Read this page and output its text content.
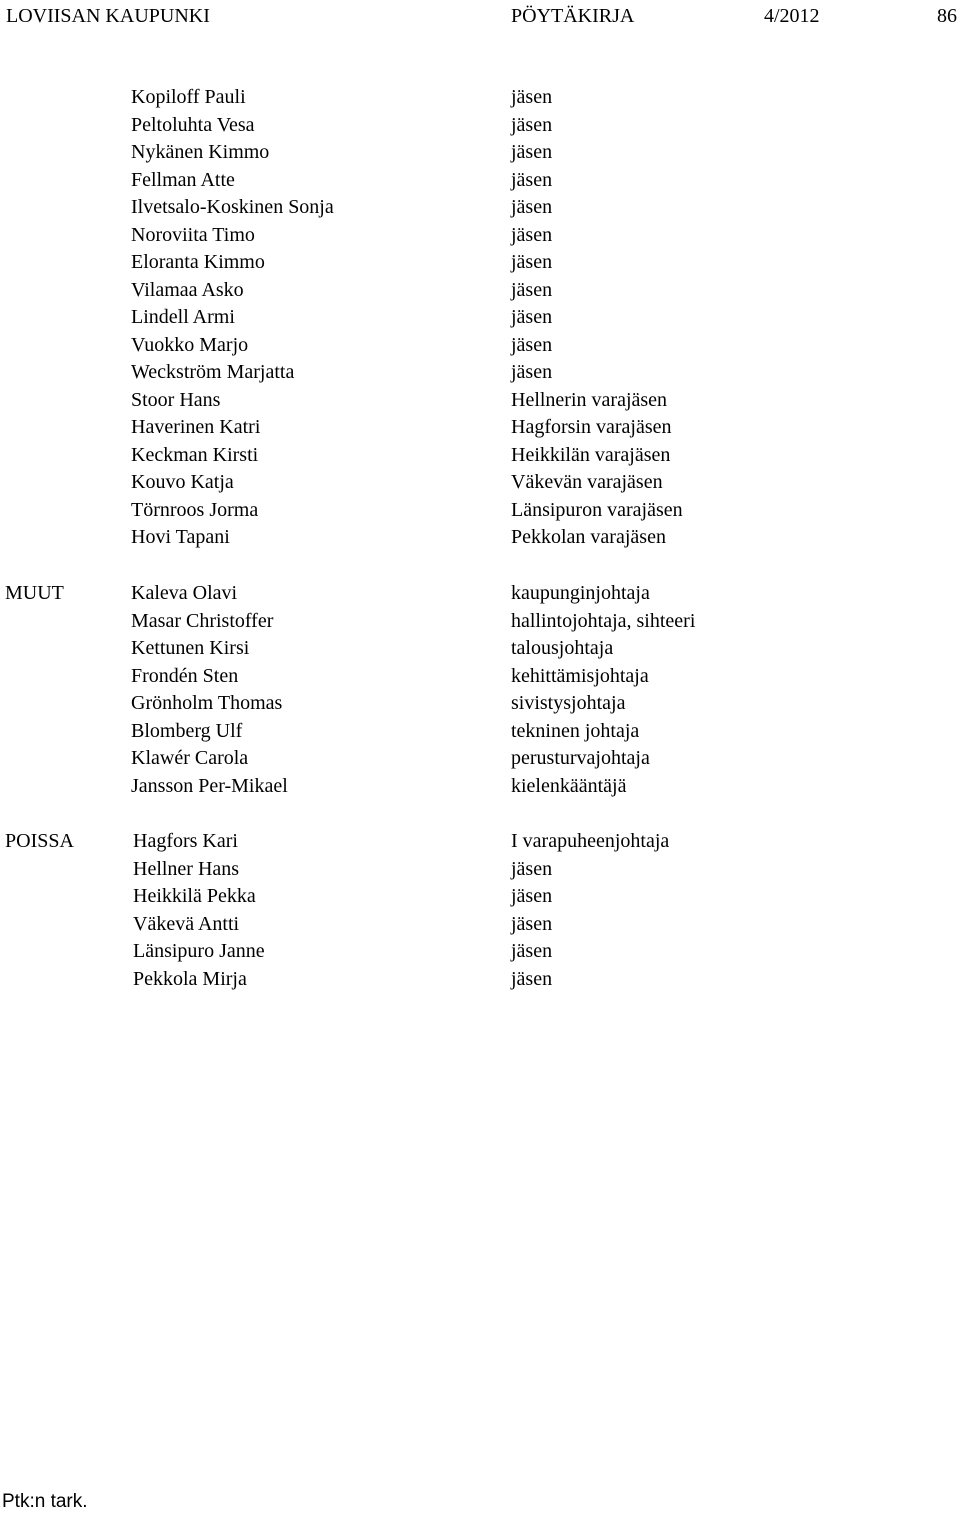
LOVIISAN KAUPUNKI	PÖYTÄKIRJA	4/2012	86
Kopiloff Pauli	jäsen
Peltoluhta Vesa	jäsen
Nykänen Kimmo	jäsen
Fellman Atte	jäsen
Ilvetsalo-Koskinen Sonja	jäsen
Noroviita Timo	jäsen
Eloranta Kimmo	jäsen
Vilamaa Asko	jäsen
Lindell Armi	jäsen
Vuokko Marjo	jäsen
Weckström Marjatta	jäsen
Stoor Hans	Hellnerin varajäsen
Haverinen Katri	Hagforsin varajäsen
Keckman Kirsti	Heikkilän varajäsen
Kouvo Katja	Väkevän varajäsen
Törnroos Jorma	Länsipuron varajäsen
Hovi Tapani	Pekkolan varajäsen
MUUT	Kaleva Olavi	kaupunginjohtaja
Masar Christoffer	hallintojohtaja, sihteeri
Kettunen Kirsi	talousjohtaja
Frondén Sten	kehittämisjohtaja
Grönholm Thomas	sivistysjohtaja
Blomberg Ulf	tekninen johtaja
Klawér Carola	perusturvajohtaja
Jansson Per-Mikael	kielenkääntäjä
POISSA	Hagfors Kari	I varapuheenjohtaja
Hellner Hans	jäsen
Heikkilä Pekka	jäsen
Väkevä Antti	jäsen
Länsipuro Janne	jäsen
Pekkola Mirja	jäsen
Ptk:n tark.
